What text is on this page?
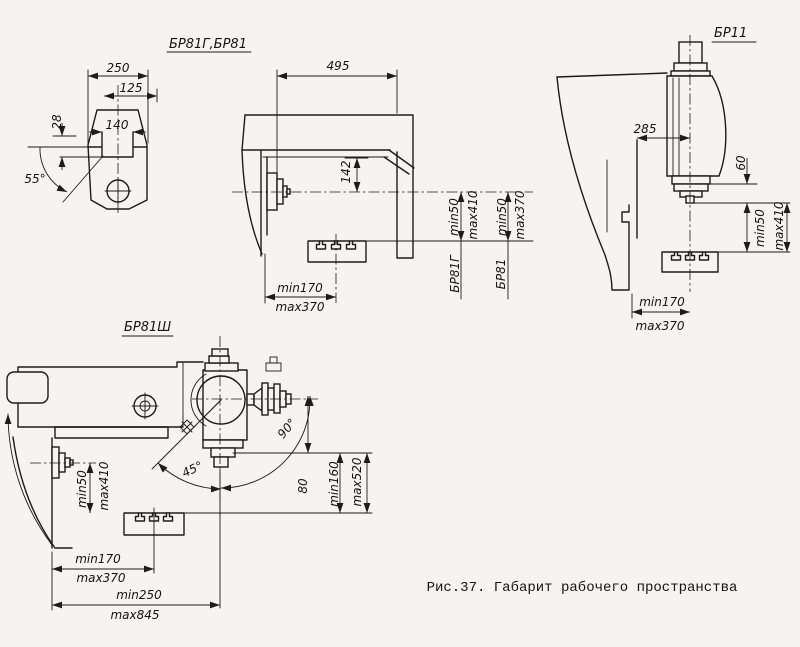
250
125
140
28
55°
БР81Г,БР81
495
142
min170
max370
min50 max410
БР81Г
min50 max370
БР81
БР11
285
60
min50 max410
min170
max370
БР81Ш
90°
45°
80
min50 max410	min160 max520
min170
max370
min250
max845
Рис.37. Габарит рабочего пространства
